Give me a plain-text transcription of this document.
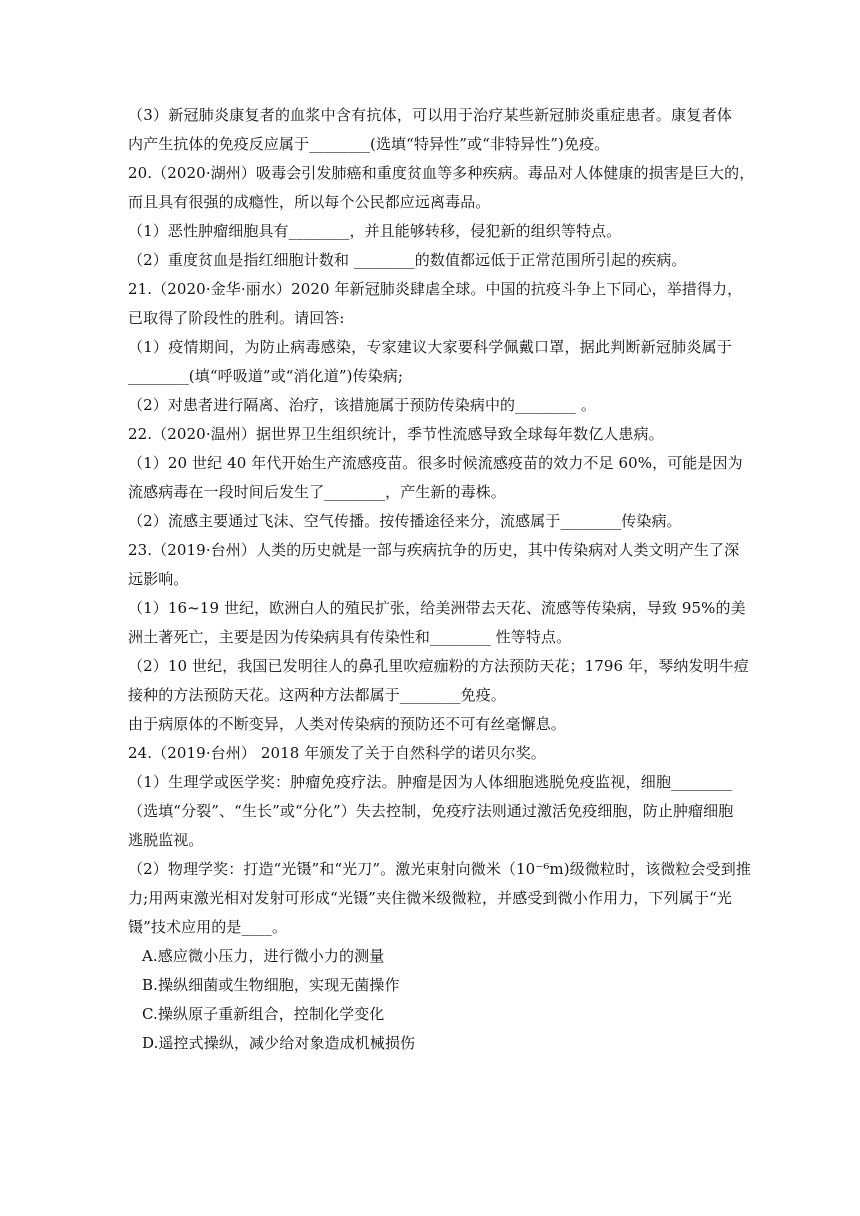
（3）新冠肺炎康复者的血浆中含有抗体，可以用于治疗某些新冠肺炎重症患者。康复者体
内产生抗体的免疫反应属于________(选填“特异性”或“非特异性”)免疫。
20.（2020·湖州）吸毒会引发肺癌和重度贫血等多种疾病。毒品对人体健康的损害是巨大的，
而且具有很强的成瘾性，所以每个公民都应远离毒品。
（1）恶性肿瘤细胞具有________，并且能够转移，侵犯新的组织等特点。
（2）重度贫血是指红细胞计数和 ________的数值都远低于正常范围所引起的疾病。
21.（2020·金华·丽水）2020 年新冠肺炎肆虐全球。中国的抗疫斗争上下同心，举措得力，
已取得了阶段性的胜利。请回答:
（1）疫情期间，为防止病毒感染，专家建议大家要科学佩戴口罩，据此判断新冠肺炎属于
________(填“呼吸道”或“消化道”)传染病;
（2）对患者进行隔离、治疗，该措施属于预防传染病中的________ 。
22.（2020·温州）据世界卫生组织统计，季节性流感导致全球每年数亿人患病。
（1）20 世纪 40 年代开始生产流感疫苗。很多时候流感疫苗的效力不足 60%，可能是因为
流感病毒在一段时间后发生了________，产生新的毒株。
（2）流感主要通过飞沫、空气传播。按传播途径来分，流感属于________传染病。
23.（2019·台州）人类的历史就是一部与疾病抗争的历史，其中传染病对人类文明产生了深
远影响。
（1）16~19 世纪，欧洲白人的殖民扩张，给美洲带去天花、流感等传染病，导致 95%的美
洲土著死亡，主要是因为传染病具有传染性和________ 性等特点。
（2）10 世纪，我国已发明往人的鼻孔里吹痘痂粉的方法预防天花；1796 年，琴纳发明牛痘
接种的方法预防天花。这两种方法都属于________免疫。
由于病原体的不断变异，人类对传染病的预防还不可有丝毫懈息。
24.（2019·台州） 2018 年颁发了关于自然科学的诺贝尔奖。
（1）生理学或医学奖：肿瘤免疫疗法。肿瘤是因为人体细胞逃脱免疫监视，细胞________
（选填“分裂”、“生长”或“分化”）失去控制，免疫疗法则通过激活免疫细胞，防止肿瘤细胞
逃脱监视。
（2）物理学奖：打造“光镊”和“光刀”。激光束射向微米（10⁻⁶m)级微粒时，该微粒会受到推
力;用两束激光相对发射可形成“光镊”夹住微米级微粒，并感受到微小作用力，下列属于“光
镊”技术应用的是____。
A.感应微小压力，进行微小力的测量
B.操纵细菌或生物细胞，实现无菌操作
C.操纵原子重新组合，控制化学变化
D.遥控式操纵，减少给对象造成机械损伤
